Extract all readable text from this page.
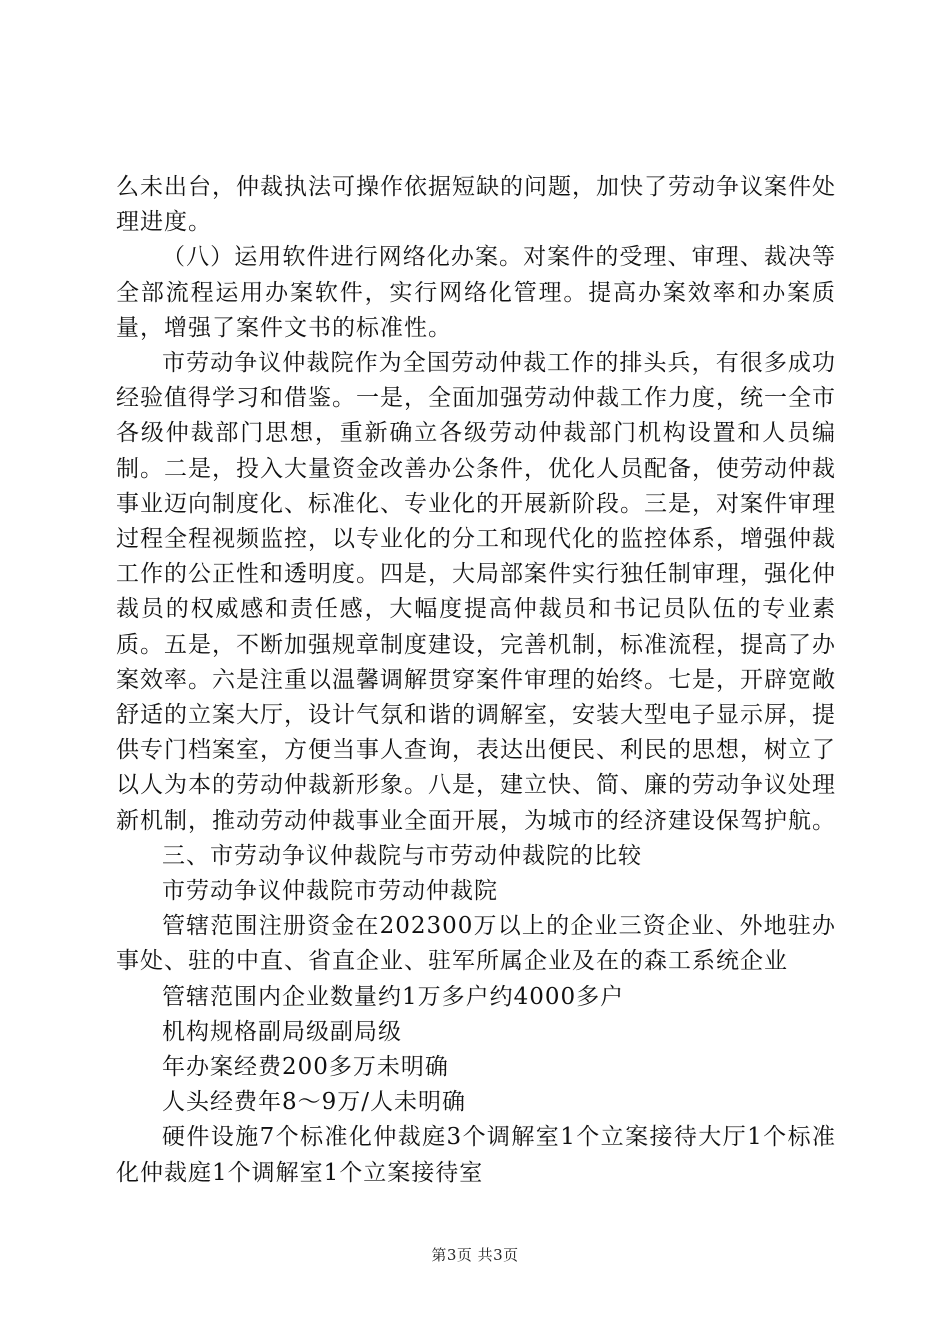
么未出台，仲裁执法可操作依据短缺的问题，加快了劳动争议案件处理进度。

（八）运用软件进行网络化办案。对案件的受理、审理、裁决等全部流程运用办案软件，实行网络化管理。提高办案效率和办案质量，增强了案件文书的标准性。

市劳动争议仲裁院作为全国劳动仲裁工作的排头兵，有很多成功经验值得学习和借鉴。一是，全面加强劳动仲裁工作力度，统一全市各级仲裁部门思想，重新确立各级劳动仲裁部门机构设置和人员编制。二是，投入大量资金改善办公条件，优化人员配备，使劳动仲裁事业迈向制度化、标准化、专业化的开展新阶段。三是，对案件审理过程全程视频监控，以专业化的分工和现代化的监控体系，增强仲裁工作的公正性和透明度。四是，大局部案件实行独任制审理，强化仲裁员的权威感和责任感，大幅度提高仲裁员和书记员队伍的专业素质。五是，不断加强规章制度建设，完善机制，标准流程，提高了办案效率。六是注重以温馨调解贯穿案件审理的始终。七是，开辟宽敞舒适的立案大厅，设计气氛和谐的调解室，安装大型电子显示屏，提供专门档案室，方便当事人查询，表达出便民、利民的思想，树立了以人为本的劳动仲裁新形象。八是，建立快、简、廉的劳动争议处理新机制，推动劳动仲裁事业全面开展，为城市的经济建设保驾护航。

三、市劳动争议仲裁院与市劳动仲裁院的比较

市劳动争议仲裁院市劳动仲裁院

管辖范围注册资金在202300万以上的企业三资企业、外地驻办事处、驻的中直、省直企业、驻军所属企业及在的森工系统企业

管辖范围内企业数量约1万多户约4000多户

机构规格副局级副局级

年办案经费200多万未明确

人头经费年8～9万/人未明确

硬件设施7个标准化仲裁庭3个调解室1个立案接待大厅1个标准化仲裁庭1个调解室1个立案接待室

第3页 共3页
